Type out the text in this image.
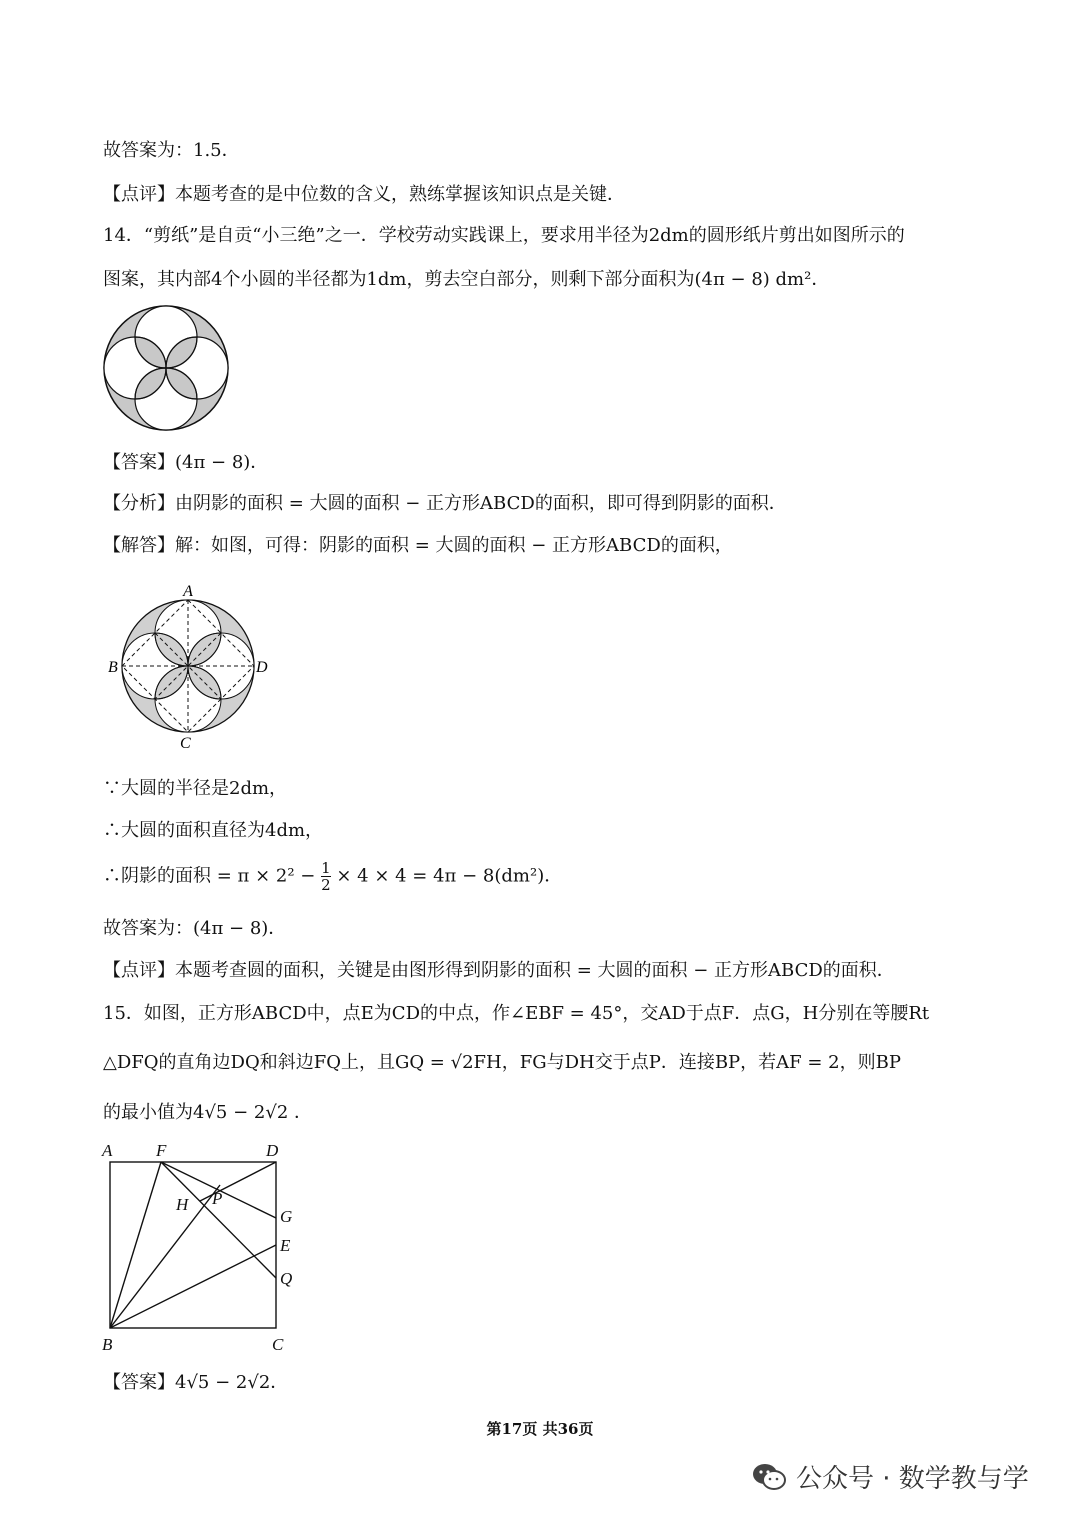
故答案为：1.5．
【点评】本题考查的是中位数的含义，熟练掌握该知识点是关键．
14．“剪纸”是自贡“小三绝”之一．学校劳动实践课上，要求用半径为2dm的圆形纸片剪出如图所示的
图案，其内部4个小圆的半径都为1dm，剪去空白部分，则剩下部分面积为(4π − 8) dm²．
【答案】(4π − 8)．
【分析】由阴影的面积 = 大圆的面积 − 正方形ABCD的面积，即可得到阴影的面积．
【解答】解：如图，可得：阴影的面积 = 大圆的面积 − 正方形ABCD的面积，
A
B	D
C
∵大圆的半径是2dm，
∴大圆的面积直径为4dm，
∴阴影的面积 = $\pi \times 2^2 - \frac{1}{2} \times 4 \times 4 = 4\pi - 8(dm^2)$．
故答案为：(4π − 8)．
【点评】本题考查圆的面积，关键是由图形得到阴影的面积 = 大圆的面积 − 正方形ABCD的面积．
15．如图，正方形ABCD中，点E为CD的中点，作∠EBF = 45°，交AD于点F．点G，H分别在等腰Rt
△DFQ的直角边DQ和斜边FQ上，且GQ = √2FH，FG与DH交于点P．连接BP，若AF = 2，则BP
的最小值为4√5 − 2√2 ．
A	F	D
H P
G
E
Q
B	C
【答案】4√5 − 2√2．
第17页 共36页
公众号 · 数学教与学
